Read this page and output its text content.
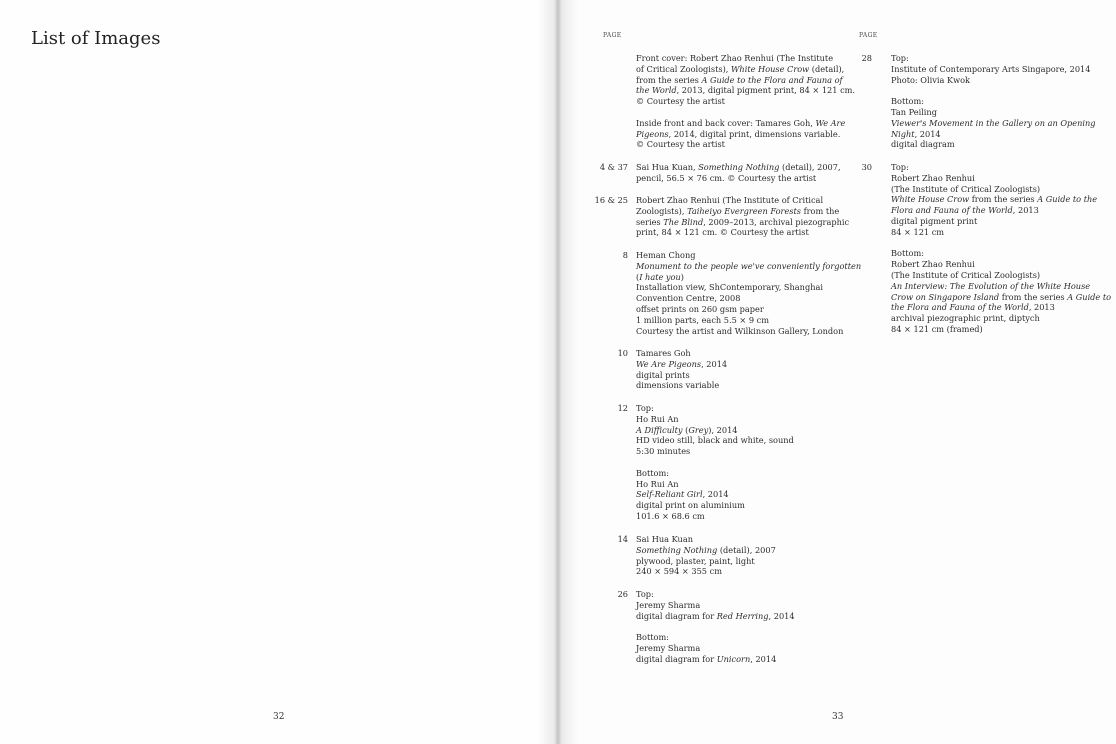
List of Images
32	33
PAGE	PAGE
Front cover: Robert Zhao Renhui (The Institute
of Critical Zoologists), White House Crow (detail),
from the series A Guide to the Flora and Fauna of
the World, 2013, digital pigment print, 84 × 121 cm.
© Courtesy the artist
Inside front and back cover: Tamares Goh, We Are
Pigeons, 2014, digital print, dimensions variable.
© Courtesy the artist
4 & 37 Sai Hua Kuan, Something Nothing (detail), 2007,
pencil, 56.5 × 76 cm. © Courtesy the artist
16 & 25 Robert Zhao Renhui (The Institute of Critical
Zoologists), Taiheiyo Evergreen Forests from the
series The Blind, 2009–2013, archival piezographic
print, 84 × 121 cm. © Courtesy the artist
8 Heman Chong
Monument to the people we've conveniently forgotten
(I hate you)
Installation view, ShContemporary, Shanghai
Convention Centre, 2008
offset prints on 260 gsm paper
1 million parts, each 5.5 × 9 cm
Courtesy the artist and Wilkinson Gallery, London
10 Tamares Goh
We Are Pigeons, 2014
digital prints
dimensions variable
12 Top:
Ho Rui An
A Difficulty (Grey), 2014
HD video still, black and white, sound
5:30 minutes
Bottom:
Ho Rui An
Self-Reliant Girl, 2014
digital print on aluminium
101.6 × 68.6 cm
14 Sai Hua Kuan
Something Nothing (detail), 2007
plywood, plaster, paint, light
240 × 594 × 355 cm
26 Top:
Jeremy Sharma
digital diagram for Red Herring, 2014
Bottom:
Jeremy Sharma
digital diagram for Unicorn, 2014
28 Top:
Institute of Contemporary Arts Singapore, 2014
Photo: Olivia Kwok
Bottom:
Tan Peiling
Viewer's Movement in the Gallery on an Opening
Night, 2014
digital diagram
30 Top:
Robert Zhao Renhui
(The Institute of Critical Zoologists)
White House Crow from the series A Guide to the
Flora and Fauna of the World, 2013
digital pigment print
84 × 121 cm
Bottom:
Robert Zhao Renhui
(The Institute of Critical Zoologists)
An Interview: The Evolution of the White House
Crow on Singapore Island from the series A Guide to
the Flora and Fauna of the World, 2013
archival piezographic print, diptych
84 × 121 cm (framed)
